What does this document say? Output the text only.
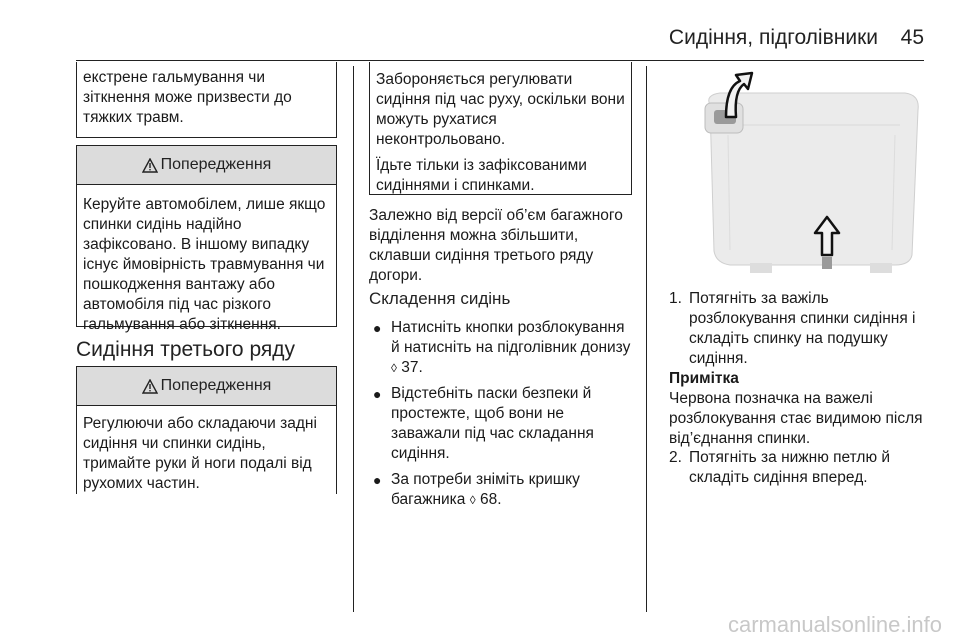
Сидіння, підголівники 45

екстрене гальмування чи зіткнення може призвести до тяжких травм.

Попередження

Керуйте автомобілем, лише якщо спинки сидінь надійно зафіксовано. В іншому випадку існує ймовірність травмування чи пошкодження вантажу або автомобіля під час різкого гальмування або зіткнення.

Сидіння третього ряду
Попередження

Регулюючи або складаючи задні сидіння чи спинки сидінь, тримайте руки й ноги подалі від рухомих частин.

Забороняється регулювати сидіння під час руху, оскільки вони можуть рухатися неконтрольовано.

Їдьте тільки із зафіксованими сидіннями і спинками.

Залежно від версії об’єм багажного відділення можна збільшити, склавши сидіння третього ряду догори.

Складення сидінь
● Натисніть кнопки розблокування й натисніть на підголівник донизу ◊ 37.
● Відстебніть паски безпеки й простежте, щоб вони не заважали під час складання сидіння.
● За потреби зніміть кришку багажника ◊ 68.
1. Потягніть за важіль розблокування спинки сидіння і складіть спинку на подушку сидіння.
Примітка

Червона позначка на важелі розблокування стає видимою після від’єднання спинки.

2. Потягніть за нижню петлю й складіть сидіння вперед.
carmanualsonline.info
